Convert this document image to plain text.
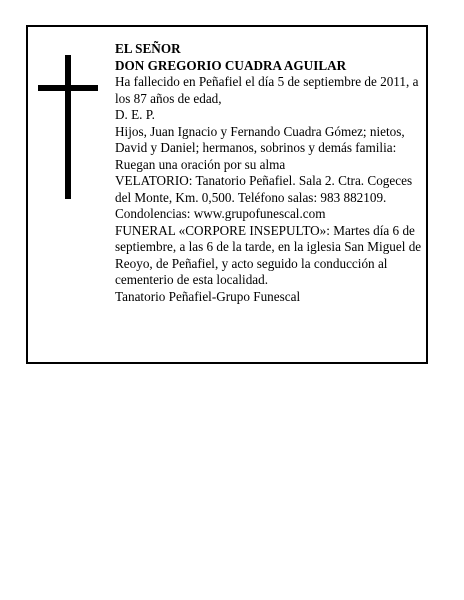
EL SEÑOR

DON GREGORIO CUADRA AGUILAR

Ha fallecido en Peñafiel el día 5 de septiembre de 2011, a los 87 años de edad,

D. E. P.

Hijos, Juan Ignacio y Fernando Cuadra Gómez; nietos, David y Daniel; hermanos, sobrinos y demás familia:

Ruegan una oración por su alma

VELATORIO: Tanatorio Peñafiel. Sala 2. Ctra. Cogeces del Monte, Km. 0,500. Teléfono salas: 983 882109. Condolencias: www.grupofunescal.com

FUNERAL «CORPORE INSEPULTO»: Martes día 6 de septiembre, a las 6 de la tarde, en la iglesia San Miguel de Reoyo, de Peñafiel, y acto seguido la conducción al cementerio de esta localidad.

Tanatorio Peñafiel-Grupo Funescal
